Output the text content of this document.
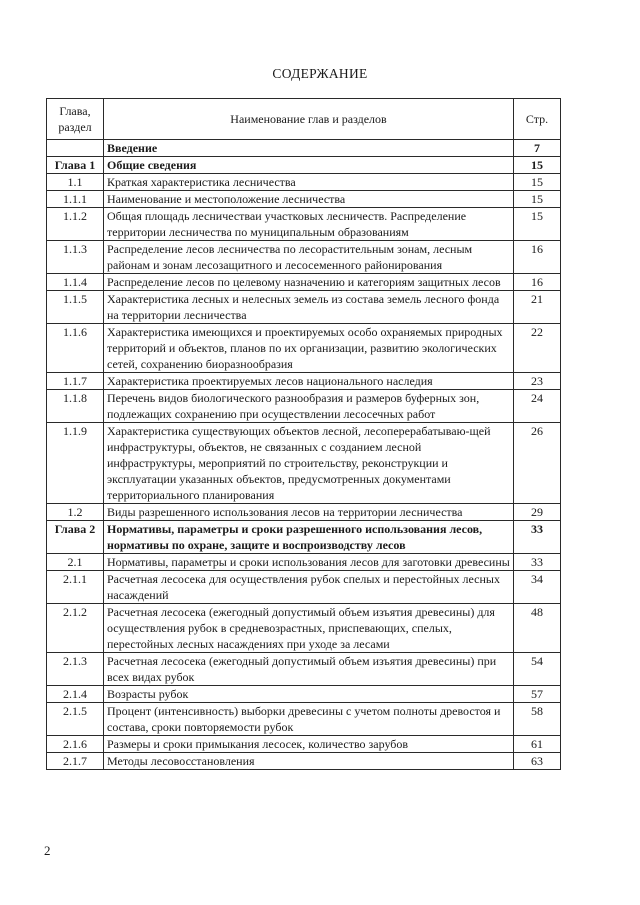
СОДЕРЖАНИЕ
Глава, раздел	Наименование глав и разделов	Стр.
	Введение	7
Глава 1	Общие сведения	15
1.1	Краткая характеристика лесничества	15
1.1.1	Наименование и местоположение лесничества	15
1.1.2	Общая площадь лесничестваи участковых лесничеств. Распределение территории лесничества по муниципальным образованиям	15
1.1.3	Распределение лесов лесничества по лесорастительным зонам, лесным районам и зонам лесозащитного и лесосеменного районирования	16
1.1.4	Распределение лесов по целевому назначению и категориям защитных лесов	16
1.1.5	Характеристика лесных и нелесных земель из состава земель лесного фонда на территории лесничества	21
1.1.6	Характеристика имеющихся и проектируемых особо охраняемых природных территорий и объектов, планов по их организации, развитию экологических сетей, сохранению биоразнообразия	22
1.1.7	Характеристика проектируемых лесов национального наследия	23
1.1.8	Перечень видов биологического разнообразия и размеров буферных зон, подлежащих сохранению при осуществлении лесосечных работ	24
1.1.9	Характеристика существующих объектов лесной, лесоперерабатываю-щей инфраструктуры, объектов, не связанных с созданием лесной инфраструктуры, мероприятий по строительству, реконструкции и эксплуатации указанных объектов, предусмотренных документами территориального планирования	26
1.2	Виды разрешенного использования лесов на территории лесничества	29
Глава 2	Нормативы, параметры и сроки разрешенного использования лесов, нормативы по охране, защите и воспроизводству лесов	33
2.1	Нормативы, параметры и сроки использования лесов для заготовки древесины	33
2.1.1	Расчетная лесосека для осуществления рубок спелых и перестойных лесных насаждений	34
2.1.2	Расчетная лесосека (ежегодный допустимый объем изъятия древесины) для осуществления рубок в средневозрастных, приспевающих, спелых, перестойных лесных насаждениях при уходе за лесами	48
2.1.3	Расчетная лесосека (ежегодный допустимый объем изъятия древесины) при всех видах рубок	54
2.1.4	Возрасты рубок	57
2.1.5	Процент (интенсивность) выборки древесины с учетом полноты древостоя и состава, сроки повторяемости рубок	58
2.1.6	Размеры и сроки примыкания лесосек, количество зарубов	61
2.1.7	Методы лесовосстановления	63
2
